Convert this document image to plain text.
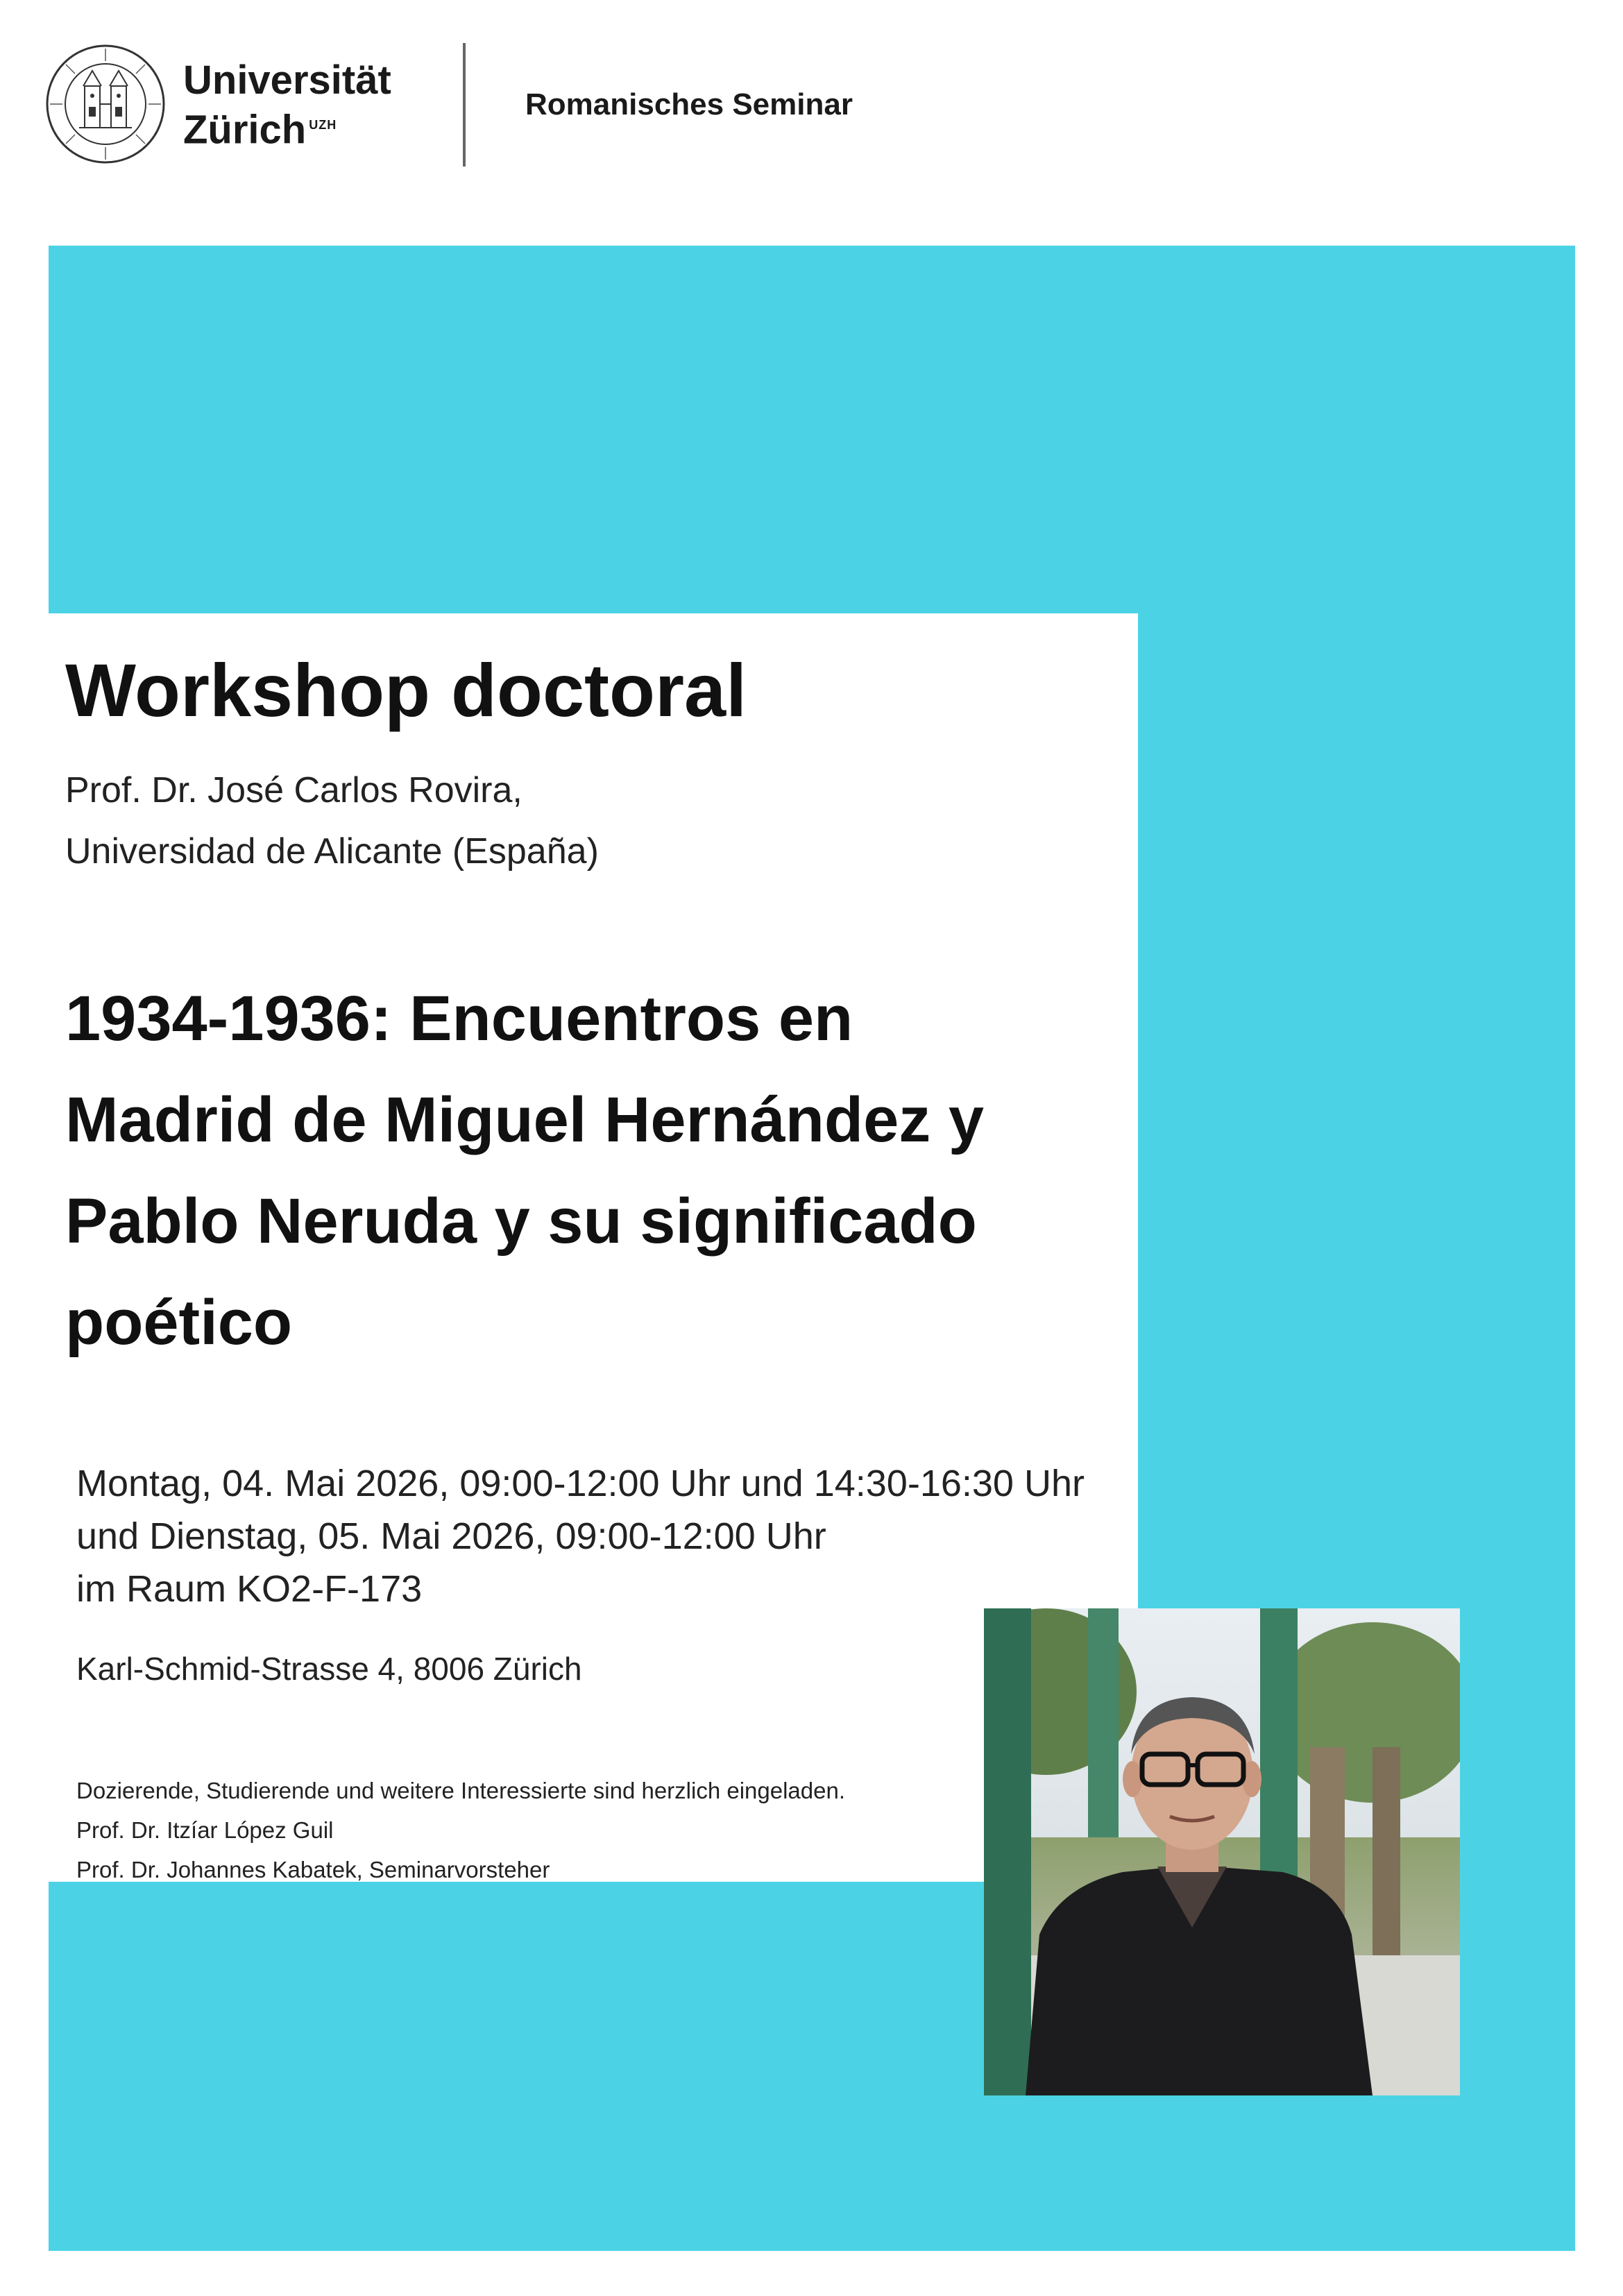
Universität
Zürich $^{UZH}$
Romanisches Seminar
Workshop doctoral
Prof. Dr. José Carlos Rovira,
Universidad de Alicante (España)
1934-1936: Encuentros en
Madrid de Miguel Hernández y
Pablo Neruda y su significado
poético
Montag, 04. Mai 2026, 09:00-12:00 Uhr und 14:30-16:30 Uhr
und Dienstag, 05. Mai 2026, 09:00-12:00 Uhr
im Raum KO2-F-173
Karl-Schmid-Strasse 4, 8006 Zürich
Dozierende, Studierende und weitere Interessierte sind herzlich eingeladen.
Prof. Dr. Itzíar López Guil
Prof. Dr. Johannes Kabatek, Seminarvorsteher
